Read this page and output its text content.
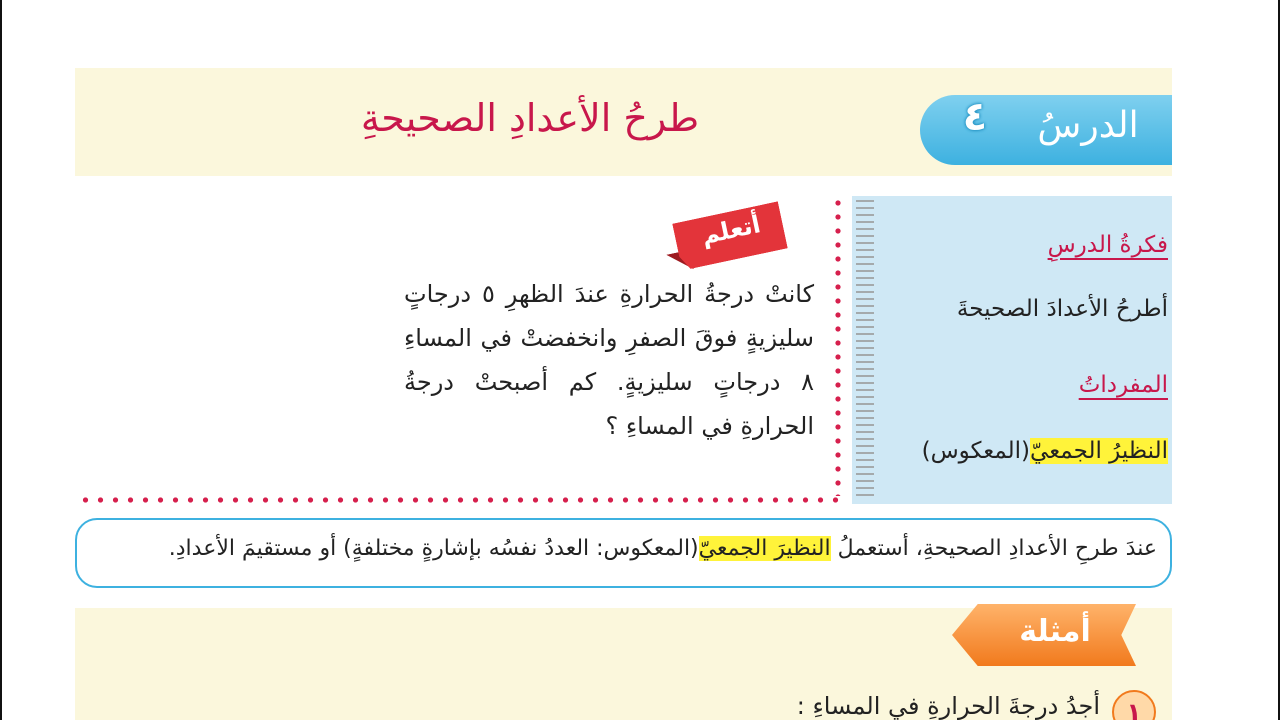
طرحُ الأعدادِ الصحيحةِ	الدرسُ
٤
فكرةُ الدرسِ
أطرحُ الأعدادَ الصحيحةَ
المفرداتُ
النظيرُ الجمعيّ(المعكوس)
أتعلم
كانتْ درجةُ الحرارةِ عندَ الظهرِ ٥ درجاتٍ سليزيةٍ فوقَ الصفرِ وانخفضتْ في المساءِ ٨ درجاتٍ سليزيةٍ. كم أصبحتْ درجةُ الحرارةِ في المساءِ ؟
عندَ طرحِ الأعدادِ الصحيحةِ، أستعملُ النظيرَ الجمعيّ(المعكوس: العددُ نفسُه بإشارةٍ مختلفةٍ) أو مستقيمَ الأعدادِ.
أمثلة
١
أجدُ درجةَ الحرارةِ في المساءِ :
